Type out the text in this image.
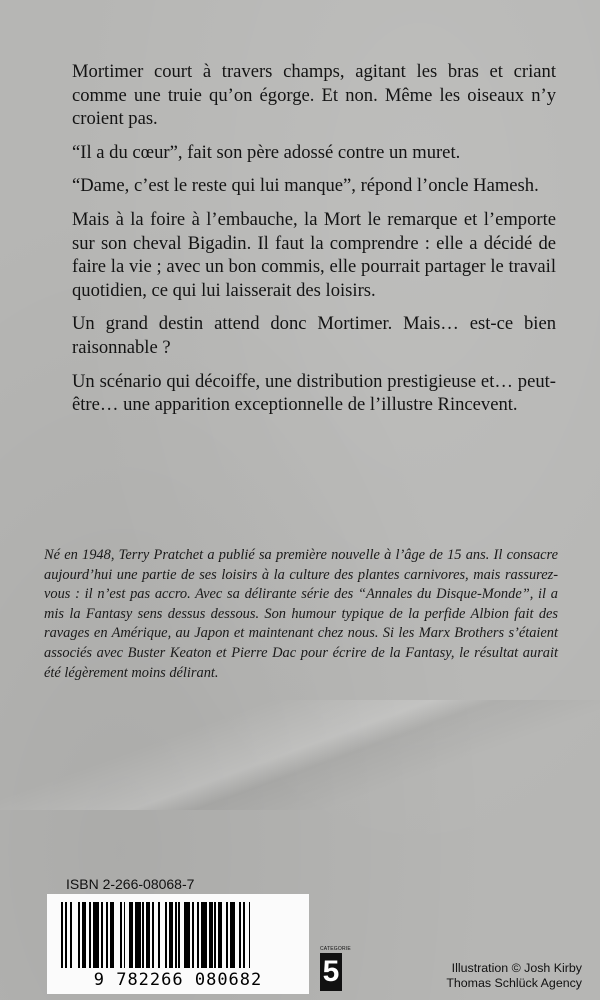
Mortimer court à travers champs, agitant les bras et criant comme une truie qu’on égorge. Et non. Même les oiseaux n’y croient pas.

“Il a du cœur”, fait son père adossé contre un muret.

“Dame, c’est le reste qui lui manque”, répond l’oncle Hamesh.

Mais à la foire à l’embauche, la Mort le remarque et l’emporte sur son cheval Bigadin. Il faut la comprendre : elle a décidé de faire la vie ; avec un bon commis, elle pourrait partager le travail quotidien, ce qui lui laisserait des loisirs.

Un grand destin attend donc Mortimer. Mais… est-ce bien raisonnable ?

Un scénario qui décoiffe, une distribution prestigieuse et… peut-être… une apparition exceptionnelle de l’illustre Rincevent.

Né en 1948, Terry Pratchet a publié sa première nouvelle à l’âge de 15 ans. Il consacre aujourd’hui une partie de ses loisirs à la culture des plantes carnivores, mais rassurez-vous : il n’est pas accro. Avec sa délirante série des “Annales du Disque-Monde”, il a mis la Fantasy sens dessus dessous. Son humour typique de la perfide Albion fait des ravages en Amérique, au Japon et maintenant chez nous. Si les Marx Brothers s’étaient associés avec Buster Keaton et Pierre Dac pour écrire de la Fantasy, le résultat aurait été légèrement moins délirant.
ISBN 2-266-08068-7
9 782266 080682
CATEGORIE
5	Illustration © Josh Kirby
Thomas Schlück Agency
